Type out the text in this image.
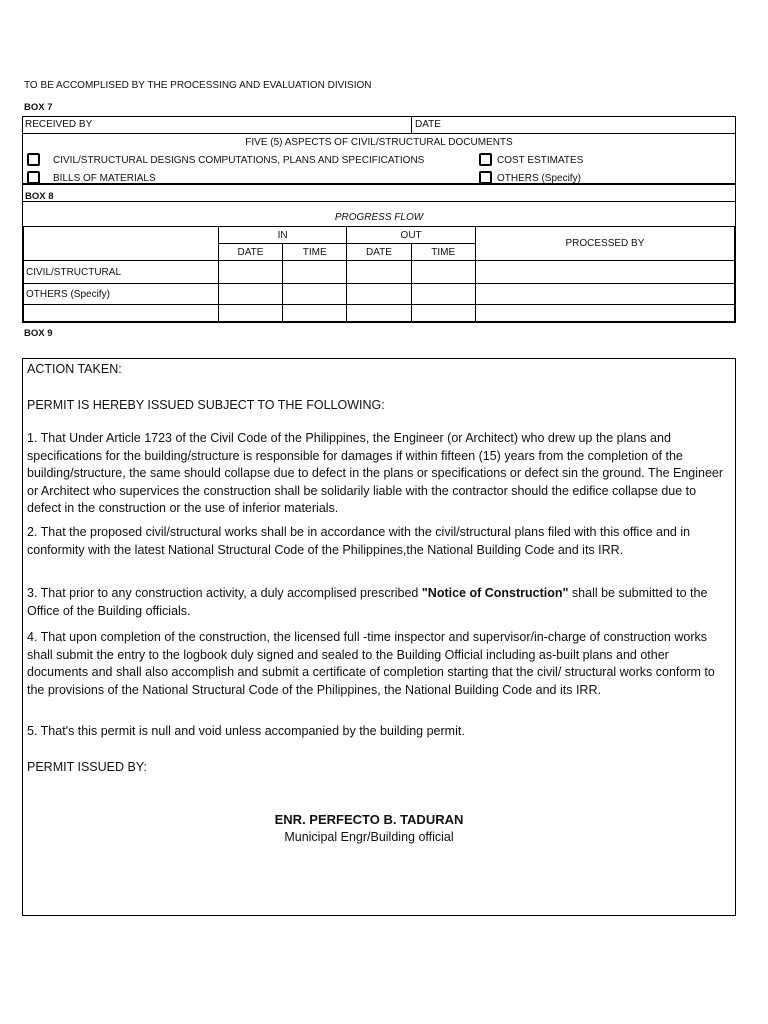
TO BE ACCOMPLISED BY THE PROCESSING AND EVALUATION DIVISION
BOX 7
RECEIVED BY	DATE
FIVE (5) ASPECTS OF CIVIL/STRUCTURAL DOCUMENTS
CIVIL/STRUCTURAL DESIGNS COMPUTATIONS, PLANS AND SPECIFICATIONS
BILLS OF MATERIALS
COST ESTIMATES
OTHERS (Specify)
BOX 8
PROGRESS FLOW
	IN		OUT		PROCESSED BY
	DATE	TIME	DATE	TIME	
CIVIL/STRUCTURAL					
OTHERS (Specify)					

BOX 9

ACTION TAKEN:

PERMIT IS HEREBY ISSUED SUBJECT TO THE FOLLOWING:

1. That Under Article 1723 of the Civil Code of the Philippines, the Engineer (or Architect) who drew up the plans and specifications for the building/structure is responsible for damages if within fifteen (15) years from the completion of the building/structure, the same should collapse due to defect in the plans or specifications or defect sin the ground. The Engineer or Architect who supervices the construction shall be solidarily liable with the contractor should the edifice collapse due to defect in the construction or the use of inferior materials.

2. That the proposed civil/structural works shall be in accordance with the civil/structural plans filed with this office and in conformity with the latest National Structural Code of the Philippines,the National Building Code and its IRR.

3. That prior to any construction activity, a duly accomplised prescribed "Notice of Construction" shall be submitted to the Office of the Building officials.

4. That upon completion of the construction, the licensed full -time inspector and supervisor/in-charge of construction works shall submit the entry to the logbook duly signed and sealed to the Building Official including as-built plans and other documents and shall also accomplish and submit a certificate of completion starting that the civil/ structural works conform to the provisions of the National Structural Code of the Philippines, the National Building Code and its IRR.

5. That's this permit is null and void unless accompanied by the building permit.

PERMIT ISSUED BY:

ENR. PERFECTO B. TADURAN
Municipal Engr/Building official
